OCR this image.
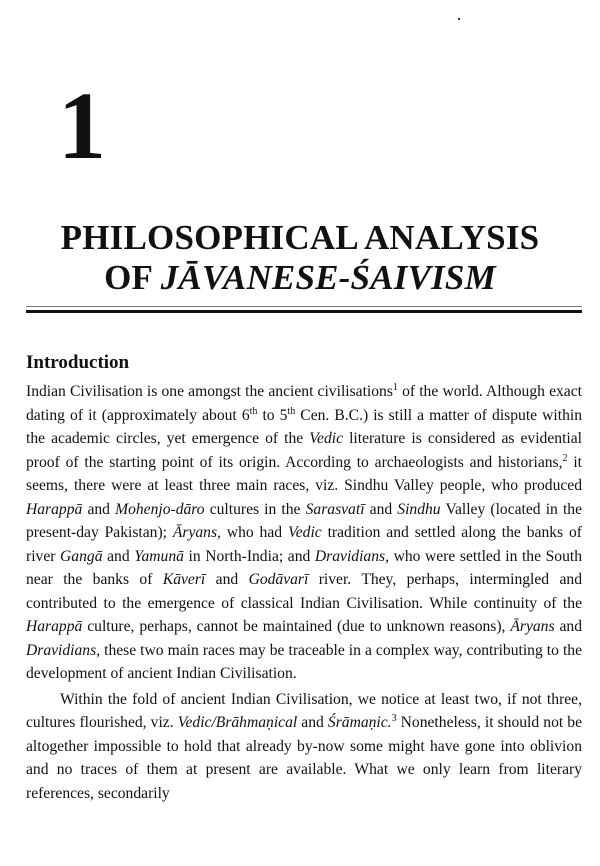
1
PHILOSOPHICAL ANALYSIS
OF JĀVANESE-ŚAIVISM
Introduction

Indian Civilisation is one amongst the ancient civilisations$^1$ of the world. Although exact dating of it (approximately about 6th to 5th Cen. B.C.) is still a matter of dispute within the academic circles, yet emergence of the Vedic literature is considered as evidential proof of the starting point of its origin. According to archaeologists and historians,$^2$ it seems, there were at least three main races, viz. Sindhu Valley people, who produced Harappā and Mohenjo-dāro cultures in the Sarasvatī and Sindhu Valley (located in the present-day Pakistan); Āryans, who had Vedic tradition and settled along the banks of river Gangā and Yamunā in North-India; and Dravidians, who were settled in the South near the banks of Kāverī and Godāvarī river. They, perhaps, intermingled and contributed to the emergence of classical Indian Civilisation. While continuity of the Harappā culture, perhaps, cannot be maintained (due to unknown reasons), Āryans and Dravidians, these two main races may be traceable in a complex way, contributing to the development of ancient Indian Civilisation.

Within the fold of ancient Indian Civilisation, we notice at least two, if not three, cultures flourished, viz. Vedic/Brāhmaṇical and Śrāmaṇic.$^3$ Nonetheless, it should not be altogether impossible to hold that already by-now some might have gone into oblivion and no traces of them at present are available. What we only learn from literary references, secondarily
